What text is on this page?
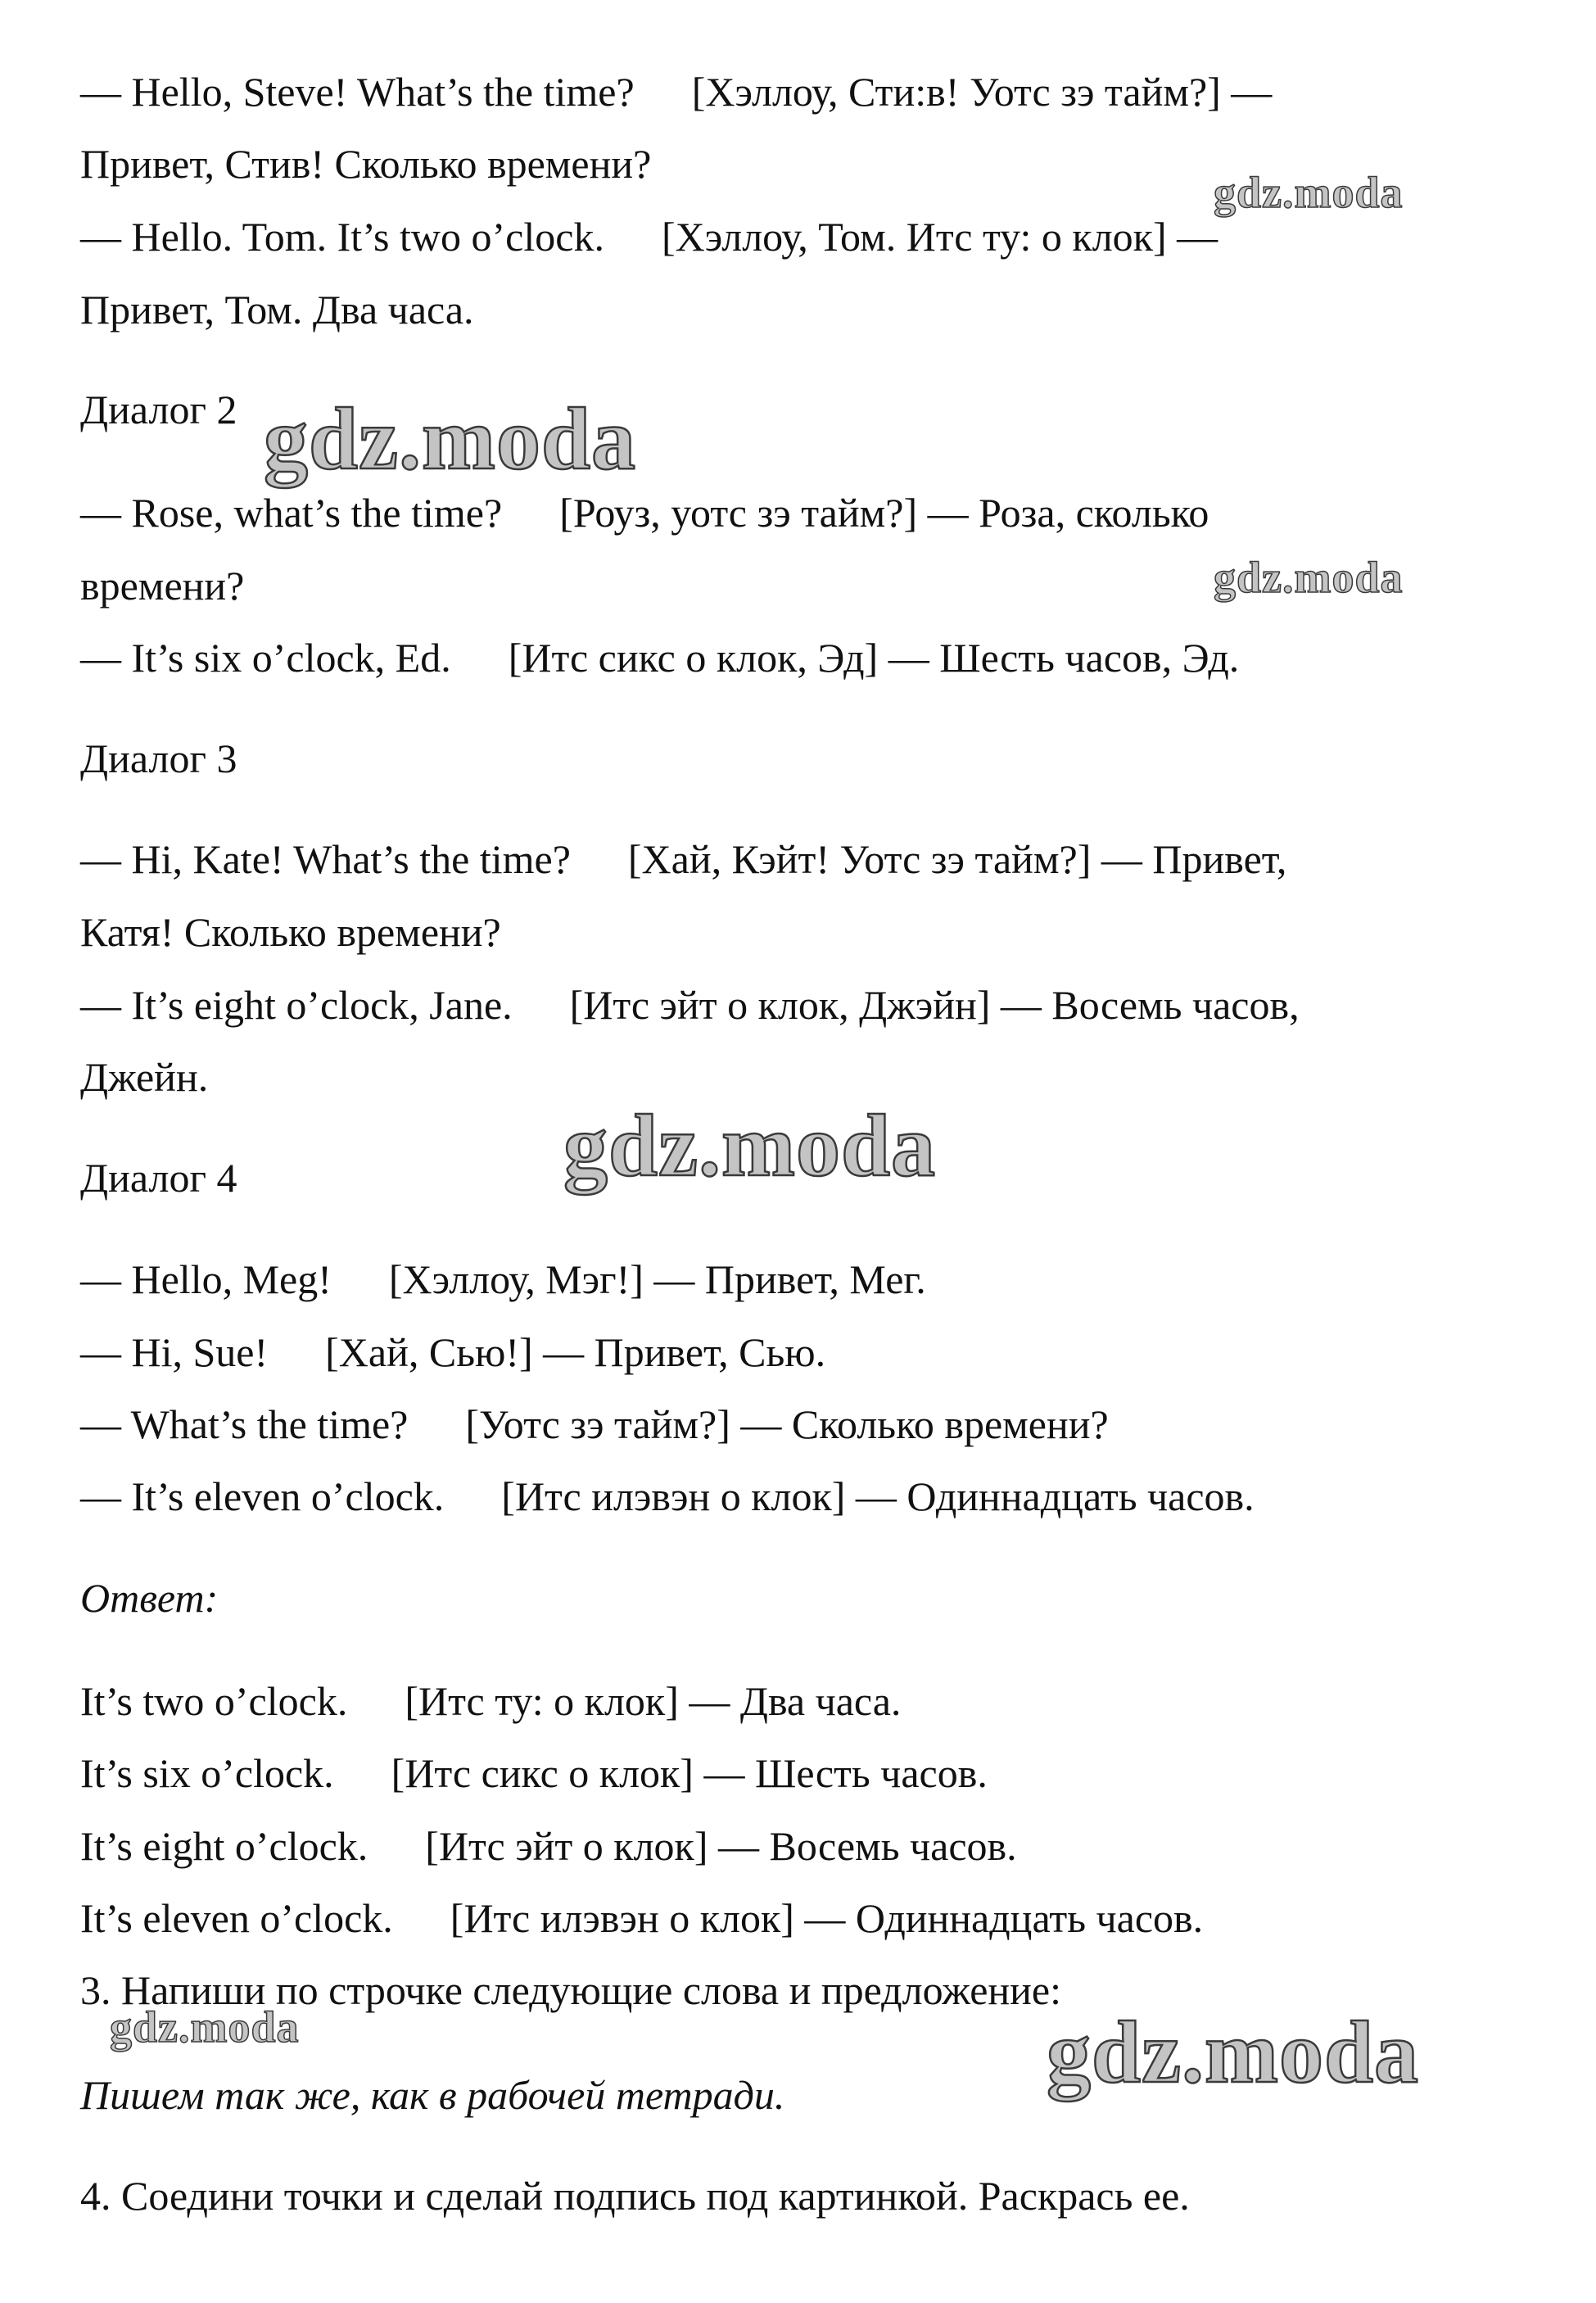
— Hello, Steve! What’s the time? [Хэллоу, Сти:в! Уотс зэ тайм?] —
Привет, Стив! Сколько времени?
— Hello. Tom. It’s two o’clock. [Хэллоу, Том. Итс ту: о клок] —
Привет, Том. Два часа.
Диалог 2
— Rose, what’s the time? [Роуз, уотс зэ тайм?] — Роза, сколько
времени?
— It’s six o’clock, Ed. [Итс сикс о клок, Эд] — Шесть часов, Эд.
Диалог 3
— Hi, Kate! What’s the time? [Хай, Кэйт! Уотс зэ тайм?] — Привет,
Катя! Сколько времени?
— It’s eight o’clock, Jane. [Итс эйт о клок, Джэйн] — Восемь часов,
Джейн.
Диалог 4
— Hello, Meg! [Хэллоу, Мэг!] — Привет, Мег.
— Hi, Sue! [Хай, Сью!] — Привет, Сью.
— What’s the time? [Уотс зэ тайм?] — Сколько времени?
— It’s eleven o’clock. [Итс илэвэн о клок] — Одиннадцать часов.
Ответ:
It’s two o’clock. [Итс ту: о клок] — Два часа.
It’s six o’clock. [Итс сикс о клок] — Шесть часов.
It’s eight o’clock. [Итс эйт о клок] — Восемь часов.
It’s eleven o’clock. [Итс илэвэн о клок] — Одиннадцать часов.
3. Напиши по строчке следующие слова и предложение:
Пишем так же, как в рабочей тетради.
4. Соедини точки и сделай подпись под картинкой. Раскрась ее.
gdz.moda
gdz.moda
gdz.moda
gdz.moda
gdz.moda	gdz.moda
